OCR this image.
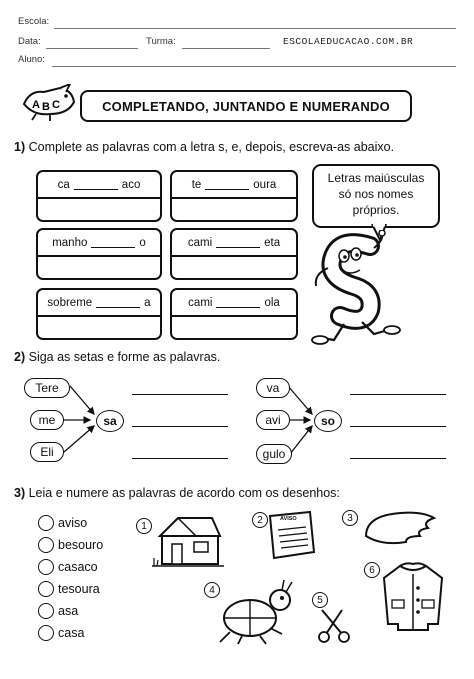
Escola:
Data:	Turma:	ESCOLAEDUCACAO.COM.BR
Aluno:
A B C	COMPLETANDO, JUNTANDO E NUMERANDO
1) Complete as palavras com a letra s, e, depois, escreva-as abaixo.
ca	aco	te	oura
manho	o	cami	eta
sobreme	a	cami	ola
Letras maiúsculas
só nos nomes
próprios.
S
2) Siga as setas e forme as palavras.
Tere
me
Eli
sa
va
avi
gulo
so
3) Leia e numere as palavras de acordo com os desenhos:
aviso
besouro
casaco
tesoura
asa
casa
1
2	AVISO	3
4
5
6
